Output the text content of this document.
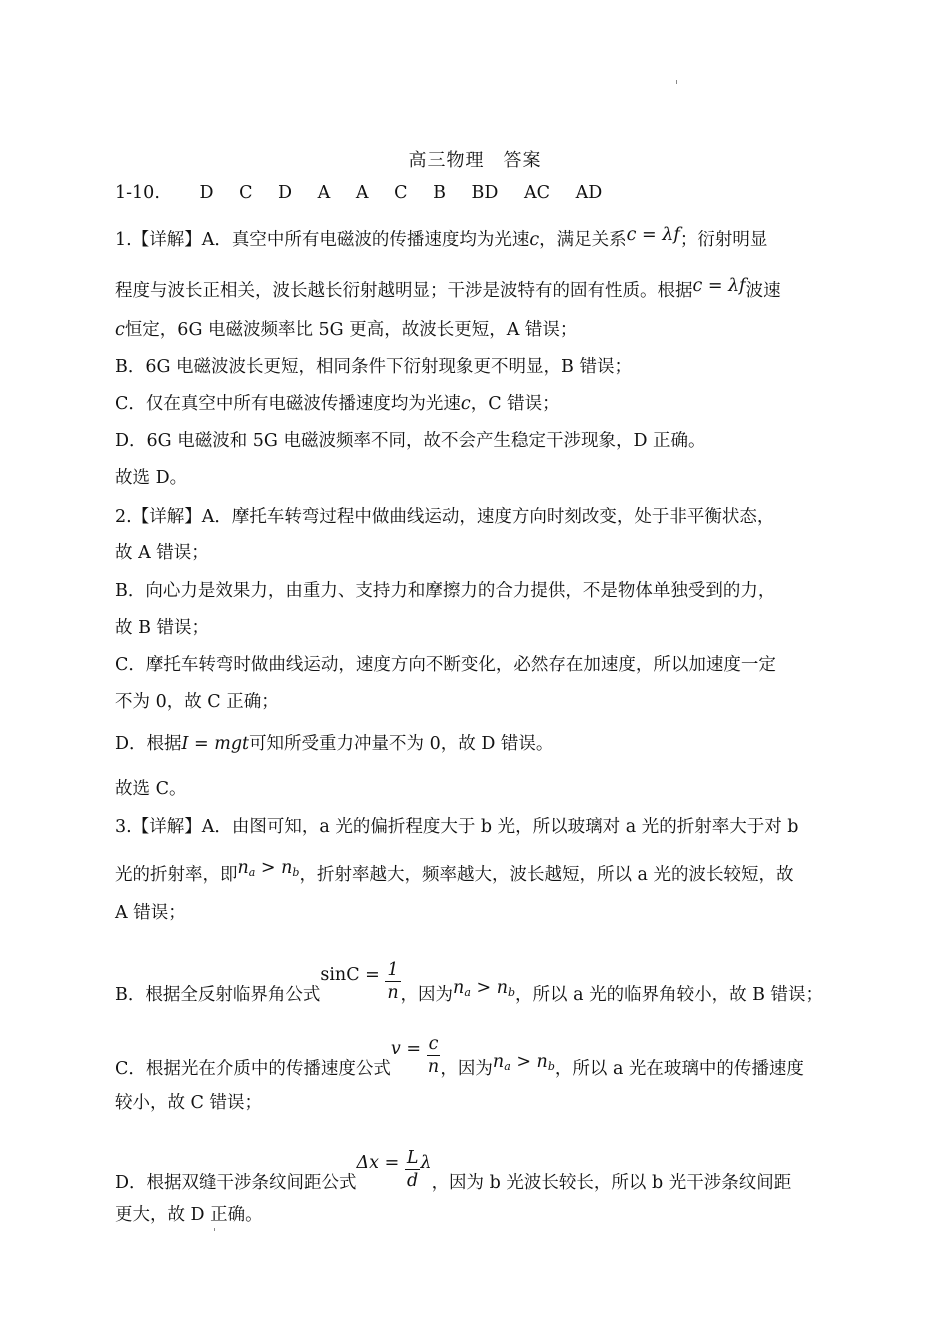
高三物理　答案
1-10. D C D A A C B BD AC AD
1.【详解】A．真空中所有电磁波的传播速度均为光速c，满足关系c = λf；衍射明显
程度与波长正相关，波长越长衍射越明显；干涉是波特有的固有性质。根据c = λf波速
c恒定，6G 电磁波频率比 5G 更高，故波长更短，A 错误；
B．6G 电磁波波长更短，相同条件下衍射现象更不明显，B 错误；
C．仅在真空中所有电磁波传播速度均为光速c，C 错误；
D．6G 电磁波和 5G 电磁波频率不同，故不会产生稳定干涉现象，D 正确。
故选 D。
2.【详解】A．摩托车转弯过程中做曲线运动，速度方向时刻改变，处于非平衡状态，
故 A 错误；
B．向心力是效果力，由重力、支持力和摩擦力的合力提供，不是物体单独受到的力，
故 B 错误；
C．摩托车转弯时做曲线运动，速度方向不断变化，必然存在加速度，所以加速度一定
不为 0，故 C 正确；
D．根据I = mgt可知所受重力冲量不为 0，故 D 错误。
故选 C。
3.【详解】A．由图可知，a 光的偏折程度大于 b 光，所以玻璃对 a 光的折射率大于对 b
光的折射率，即$n_a > n_b$，折射率越大，频率越大，波长越短，所以 a 光的波长较短，故
A 错误；
B．根据全反射临界角公式$\sin C = \frac{1}{n}$ ，因为$n_a > n_b$，所以 a 光的临界角较小，故 B 错误；
C．根据光在介质中的传播速度公式$v = \frac{c}{n}$ ，因为$n_a > n_b$，所以 a 光在玻璃中的传播速度
较小，故 C 错误；
D．根据双缝干涉条纹间距公式$\Delta x = \frac{L}{d}$ λ，因为 b 光波长较长，所以 b 光干涉条纹间距
更大，故 D 正确。
